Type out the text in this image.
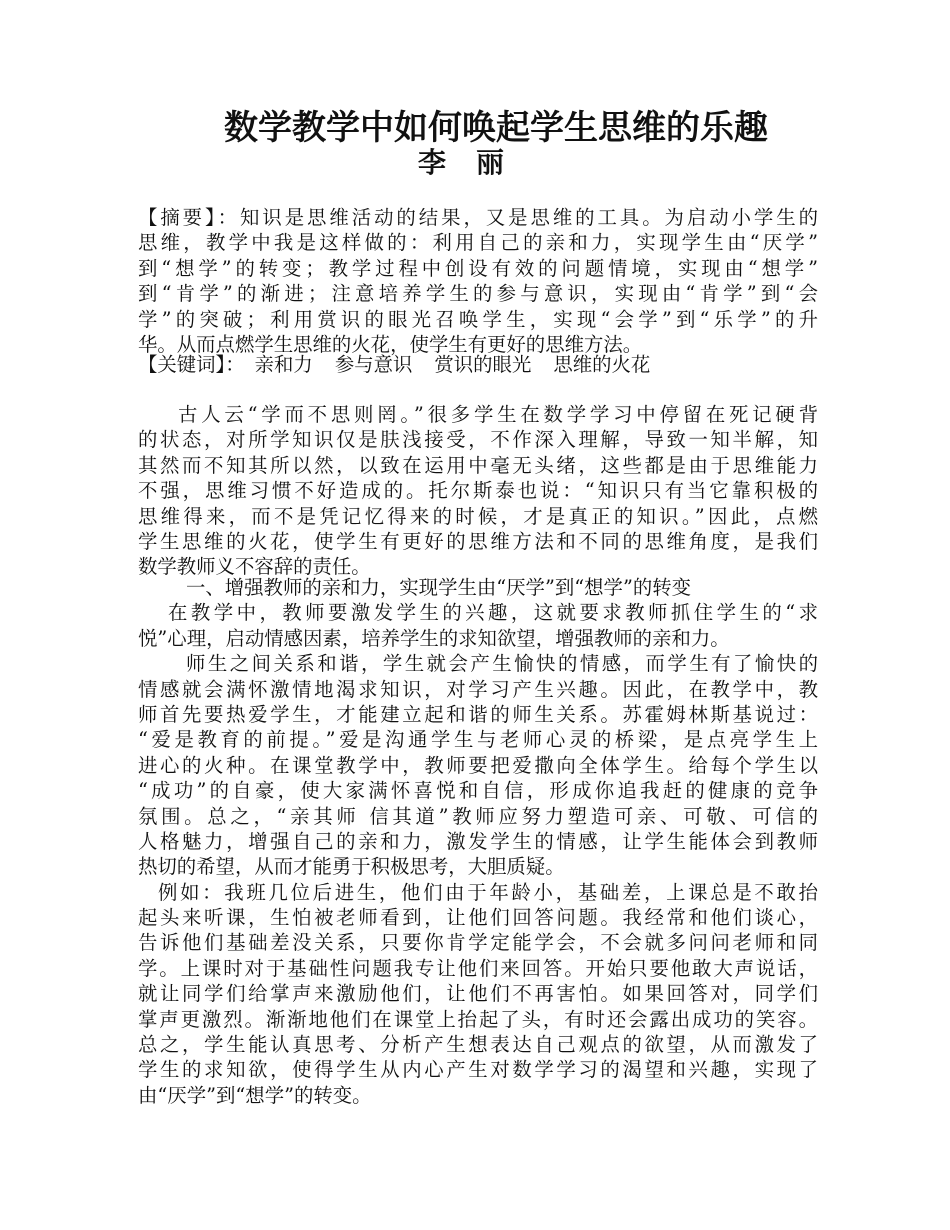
数学教学中如何唤起学生思维的乐趣
李丽
【摘要】：知识是思维活动的结果，又是思维的工具。为启动小学生的
思维，教学中我是这样做的：利用自己的亲和力，实现学生由“厌学”
到“想学”的转变；教学过程中创设有效的问题情境，实现由“想学”
到“肯学”的渐进；注意培养学生的参与意识，实现由“肯学”到“会
学”的突破；利用赏识的眼光召唤学生，实现“会学”到“乐学”的升
华。从而点燃学生思维的火花，使学生有更好的思维方法。
【关键词】： 亲和力 参与意识 赏识的眼光 思维的火花
古人云“学而不思则罔。”很多学生在数学学习中停留在死记硬背
的状态，对所学知识仅是肤浅接受，不作深入理解，导致一知半解，知
其然而不知其所以然，以致在运用中毫无头绪，这些都是由于思维能力
不强，思维习惯不好造成的。托尔斯泰也说：“知识只有当它靠积极的
思维得来，而不是凭记忆得来的时候，才是真正的知识。”因此，点燃
学生思维的火花，使学生有更好的思维方法和不同的思维角度，是我们
数学教师义不容辞的责任。
一、增强教师的亲和力，实现学生由“厌学”到“想学”的转变
在教学中，教师要激发学生的兴趣，这就要求教师抓住学生的“求
悦”心理，启动情感因素，培养学生的求知欲望，增强教师的亲和力。
师生之间关系和谐，学生就会产生愉快的情感，而学生有了愉快的
情感就会满怀激情地渴求知识，对学习产生兴趣。因此，在教学中，教
师首先要热爱学生，才能建立起和谐的师生关系。苏霍姆林斯基说过：
“爱是教育的前提。”爱是沟通学生与老师心灵的桥梁，是点亮学生上
进心的火种。在课堂教学中，教师要把爱撒向全体学生。给每个学生以
“成功”的自豪，使大家满怀喜悦和自信，形成你追我赶的健康的竞争
氛围。总之，“亲其师 信其道”教师应努力塑造可亲、可敬、可信的
人格魅力，增强自己的亲和力，激发学生的情感，让学生能体会到教师
热切的希望，从而才能勇于积极思考，大胆质疑。
例如：我班几位后进生，他们由于年龄小，基础差，上课总是不敢抬
起头来听课，生怕被老师看到，让他们回答问题。我经常和他们谈心，
告诉他们基础差没关系，只要你肯学定能学会，不会就多问问老师和同
学。上课时对于基础性问题我专让他们来回答。开始只要他敢大声说话，
就让同学们给掌声来激励他们，让他们不再害怕。如果回答对，同学们
掌声更激烈。渐渐地他们在课堂上抬起了头，有时还会露出成功的笑容。
总之，学生能认真思考、分析产生想表达自己观点的欲望，从而激发了
学生的求知欲，使得学生从内心产生对数学学习的渴望和兴趣，实现了
由“厌学”到“想学”的转变。
